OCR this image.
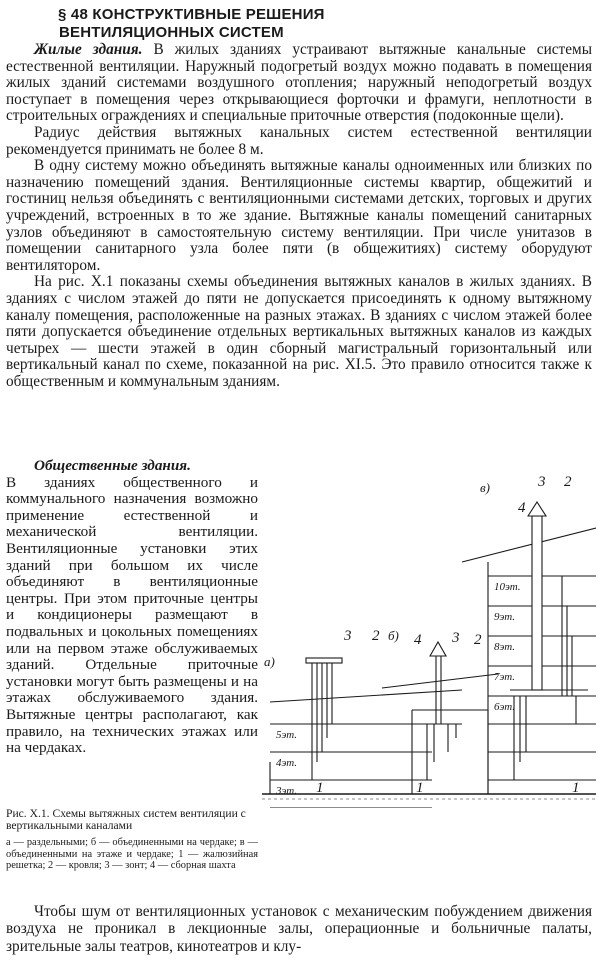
§ 48 КОНСТРУКТИВНЫЕ РЕШЕНИЯ
ВЕНТИЛЯЦИОННЫХ СИСТЕМ

Жилые здания. В жилых зданиях устраивают вытяжные канальные системы естественной вентиляции. Наружный подогретый воздух можно подавать в помещения жилых зданий системами воздушного отопления; наружный неподогретый воздух поступает в помещения через открывающиеся форточки и фрамуги, неплотности в строительных ограждениях и специальные приточные отверстия (подоконные щели).

Радиус действия вытяжных канальных систем естественной вентиляции рекомендуется принимать не более 8 м.

В одну систему можно объединять вытяжные каналы одноименных или близких по назначению помещений здания. Вентиляционные системы квартир, общежитий и гостиниц нельзя объединять с вентиляционными системами детских, торговых и других учреждений, встроенных в то же здание. Вытяжные каналы помещений санитарных узлов объединяют в самостоятельную систему вентиляции. При числе унитазов в помещении санитарного узла более пяти (в общежитиях) систему оборудуют вентилятором.

На рис. X.1 показаны схемы объединения вытяжных каналов в жилых зданиях. В зданиях с числом этажей до пяти не допускается присоединять к одному вытяжному каналу помещения, расположенные на разных этажах. В зданиях с числом этажей более пяти допускается объединение отдельных вертикальных вытяжных каналов из каждых четырех — шести этажей в один сборный магистральный горизонтальный или вертикальный канал по схеме, показанной на рис. XI.5. Это правило относится также к общественным и коммунальным зданиям.

Общественные здания.

В зданиях общественного и коммунального назначения возможно применение естественной и механической вентиляции. Вентиляционные установки этих зданий при большом их числе объединяют в вентиляционные центры. При этом приточные центры и кондиционеры размещают в подвальных и цокольных помещениях или на первом этаже обслуживаемых зданий. Отдельные приточные установки могут быть размещены и на этажах обслуживаемого здания. Вытяжные центры располагают, как правило, на технических этажах или на чердаках.

Рис. X.1. Схемы вытяжных систем вентиляции с вертикальными каналами
а — раздельными; б — объединенными на чердаке; в — объединенными на этаже и чердаке; 1 — жалюзийная решетка; 2 — кровля; 3 — зонт; 4 — сборная шахта
а)
б)
в)
3 2 4 3 2
4
3 2
1	1	1
5эт.
4эт.
3эт.
10эт.
9эт.
8эт.
7эт.
6эт.

Чтобы шум от вентиляционных установок с механическим побуждением движения воздуха не проникал в лекционные залы, операционные и больничные палаты, зрительные залы театров, кинотеатров и клу-
